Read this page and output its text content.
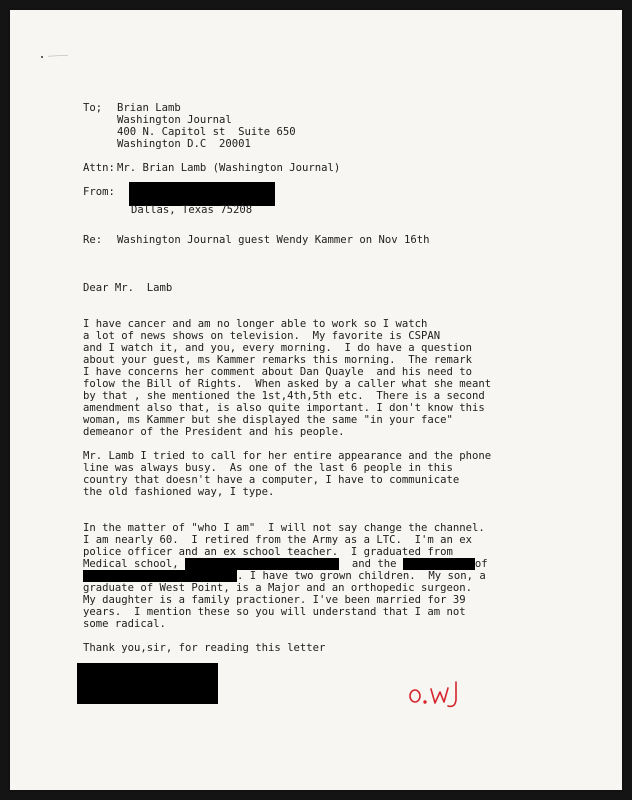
To;	Brian Lamb
Washington Journal
400 N. Capitol st  Suite 650
Washington D.C  20001
Attn: Mr. Brian Lamb (Washington Journal)
From:
Dallas, Texas 75208
Re:	Washington Journal guest Wendy Kammer on Nov 16th
Dear Mr.  Lamb
I have cancer and am no longer able to work so I watch
a lot of news shows on television.  My favorite is CSPAN
and I watch it, and you, every morning.  I do have a question
about your guest, ms Kammer remarks this morning.  The remark
I have concerns her comment about Dan Quayle  and his need to
folow the Bill of Rights.  When asked by a caller what she meant
by that , she mentioned the 1st,4th,5th etc.  There is a second
amendment also that, is also quite important. I don't know this
woman, ms Kammer but she displayed the same "in your face"
demeanor of the President and his people.
Mr. Lamb I tried to call for her entire appearance and the phone
line was always busy.  As one of the last 6 people in this
country that doesn't have a computer, I have to communicate
the old fashioned way, I type.
In the matter of "who I am"  I will not say change the channel.
I am nearly 60.  I retired from the Army as a LTC.  I'm an ex
police officer and an ex school teacher.  I graduated from
Medical school,	and the	of
. I have two grown children.  My son, a
graduate of West Point, is a Major and an orthopedic surgeon.
My daughter is a family practioner. I've been married for 39
years.  I mention these so you will understand that I am not
some radical.
Thank you,sir, for reading this letter
